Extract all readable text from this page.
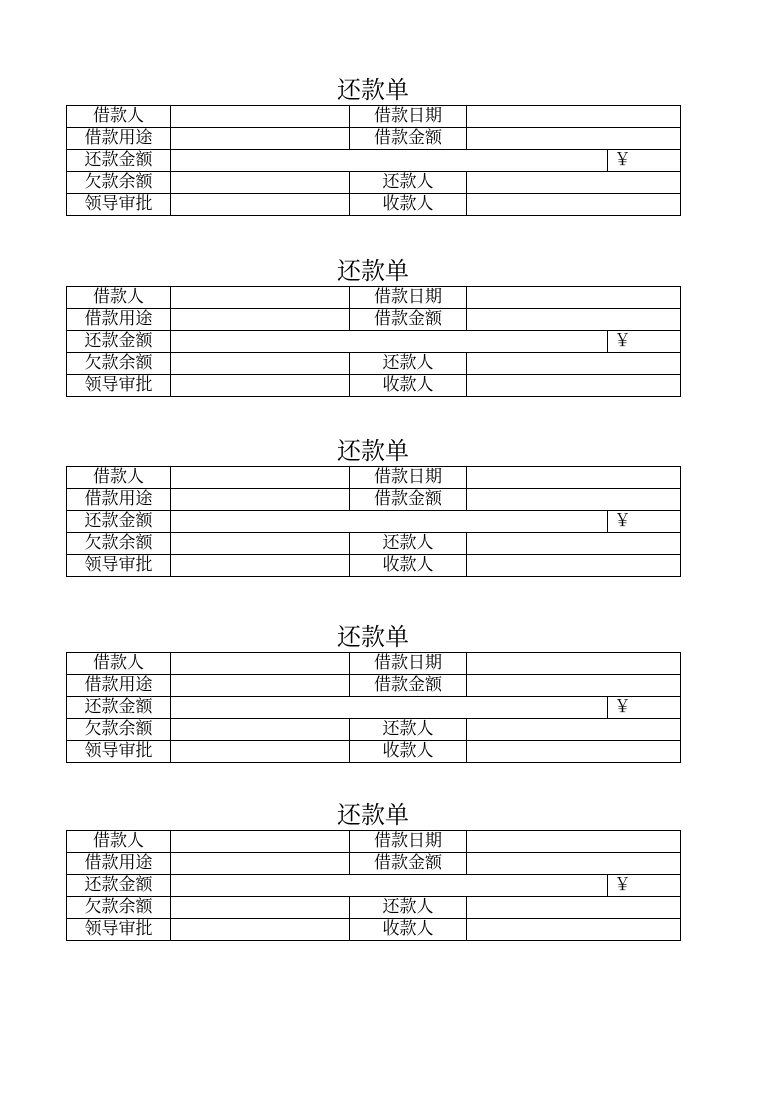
还款单
借款人		借款日期		
借款用途		借款金额		
还款金额				￥
欠款余额		还款人		
领导审批		收款人		
还款单
借款人		借款日期		
借款用途		借款金额		
还款金额				￥
欠款余额		还款人		
领导审批		收款人		
还款单
借款人		借款日期		
借款用途		借款金额		
还款金额				￥
欠款余额		还款人		
领导审批		收款人		
还款单
借款人		借款日期		
借款用途		借款金额		
还款金额				￥
欠款余额		还款人		
领导审批		收款人		
还款单
借款人		借款日期		
借款用途		借款金额		
还款金额				￥
欠款余额		还款人		
领导审批		收款人		
